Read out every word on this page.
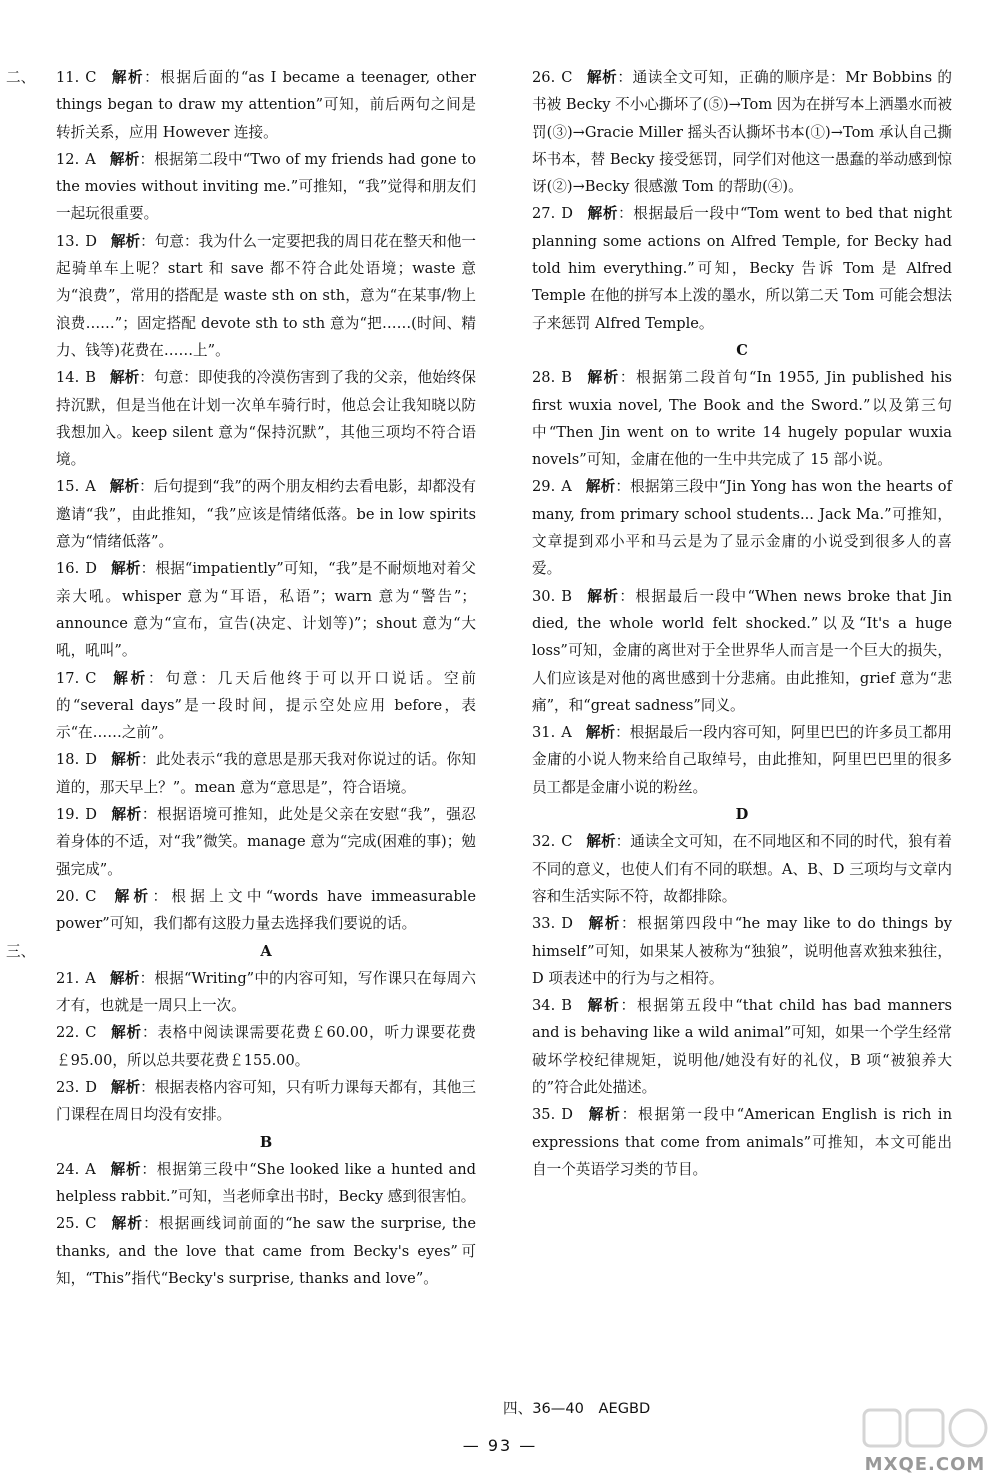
二、 11. C 解析：根据后面的“as I became a teenager, other things began to draw my attention”可知，前后两句之间是转折关系，应用 However 连接。
12. A 解析：根据第二段中“Two of my friends had gone to the movies without inviting me.”可推知，“我”觉得和朋友们一起玩很重要。
13. D 解析：句意：我为什么一定要把我的周日花在整天和他一起骑单车上呢？start 和 save 都不符合此处语境；waste 意为“浪费”，常用的搭配是 waste sth on sth，意为“在某事/物上浪费……”；固定搭配 devote sth to sth 意为“把……(时间、精力、钱等)花费在……上”。
14. B 解析：句意：即使我的冷漠伤害到了我的父亲，他始终保持沉默，但是当他在计划一次单车骑行时，他总会让我知晓以防我想加入。keep silent 意为“保持沉默”，其他三项均不符合语境。
15. A 解析：后句提到“我”的两个朋友相约去看电影，却都没有邀请“我”，由此推知，“我”应该是情绪低落。be in low spirits 意为“情绪低落”。
16. D 解析：根据“impatiently”可知，“我”是不耐烦地对着父亲大吼。whisper 意为“耳语，私语”；warn 意为“警告”；announce 意为“宣布，宣告(决定、计划等)”；shout 意为“大吼，吼叫”。
17. C 解析：句意：几天后他终于可以开口说话。空前的“several days”是一段时间，提示空处应用 before，表示“在……之前”。
18. D 解析：此处表示“我的意思是那天我对你说过的话。你知道的，那天早上？”。mean 意为“意思是”，符合语境。
19. D 解析：根据语境可推知，此处是父亲在安慰“我”，强忍着身体的不适，对“我”微笑。manage 意为“完成(困难的事)；勉强完成”。
20. C 解析：根据上文中“words have immeasurable power”可知，我们都有这股力量去选择我们要说的话。
三、	A
21. A 解析：根据“Writing”中的内容可知，写作课只在每周六才有，也就是一周只上一次。
22. C 解析：表格中阅读课需要花费￡60.00，听力课要花费￡95.00，所以总共要花费￡155.00。
23. D 解析：根据表格内容可知，只有听力课每天都有，其他三门课程在周日均没有安排。
B
24. A 解析：根据第三段中“She looked like a hunted and helpless rabbit.”可知，当老师拿出书时，Becky 感到很害怕。
25. C 解析：根据画线词前面的“he saw the surprise, the thanks, and the love that came from Becky's eyes”可知，“This”指代“Becky's surprise, thanks and love”。
26. C 解析：通读全文可知，正确的顺序是：Mr Bobbins 的书被 Becky 不小心撕坏了(⑤)→Tom 因为在拼写本上洒墨水而被罚(③)→Gracie Miller 摇头否认撕坏书本(①)→Tom 承认自己撕坏书本，替 Becky 接受惩罚，同学们对他这一愚蠢的举动感到惊讶(②)→Becky 很感激 Tom 的帮助(④)。
27. D 解析：根据最后一段中“Tom went to bed that night planning some actions on Alfred Temple, for Becky had told him everything.”可知，Becky 告诉 Tom 是 Alfred Temple 在他的拼写本上泼的墨水，所以第二天 Tom 可能会想法子来惩罚 Alfred Temple。
C
28. B 解析：根据第二段首句“In 1955, Jin published his first wuxia novel, The Book and the Sword.”以及第三句中“Then Jin went on to write 14 hugely popular wuxia novels”可知，金庸在他的一生中共完成了 15 部小说。
29. A 解析：根据第三段中“Jin Yong has won the hearts of many, from primary school students... Jack Ma.”可推知，文章提到邓小平和马云是为了显示金庸的小说受到很多人的喜爱。
30. B 解析：根据最后一段中“When news broke that Jin died, the whole world felt shocked.”以及“It's a huge loss”可知，金庸的离世对于全世界华人而言是一个巨大的损失，人们应该是对他的离世感到十分悲痛。由此推知，grief 意为“悲痛”，和“great sadness”同义。
31. A 解析：根据最后一段内容可知，阿里巴巴的许多员工都用金庸的小说人物来给自己取绰号，由此推知，阿里巴巴里的很多员工都是金庸小说的粉丝。
D
32. C 解析：通读全文可知，在不同地区和不同的时代，狼有着不同的意义，也使人们有不同的联想。A、B、D 三项均与文章内容和生活实际不符，故都排除。
33. D 解析：根据第四段中“he may like to do things by himself”可知，如果某人被称为“独狼”，说明他喜欢独来独往，D 项表述中的行为与之相符。
34. B 解析：根据第五段中“that child has bad manners and is behaving like a wild animal”可知，如果一个学生经常破坏学校纪律规矩，说明他/她没有好的礼仪，B 项“被狼养大的”符合此处描述。
35. D 解析：根据第一段中“American English is rich in expressions that come from animals”可推知，本文可能出自一个英语学习类的节目。
四、36—40　AEGBD
— 93 —
MXQE.COM
